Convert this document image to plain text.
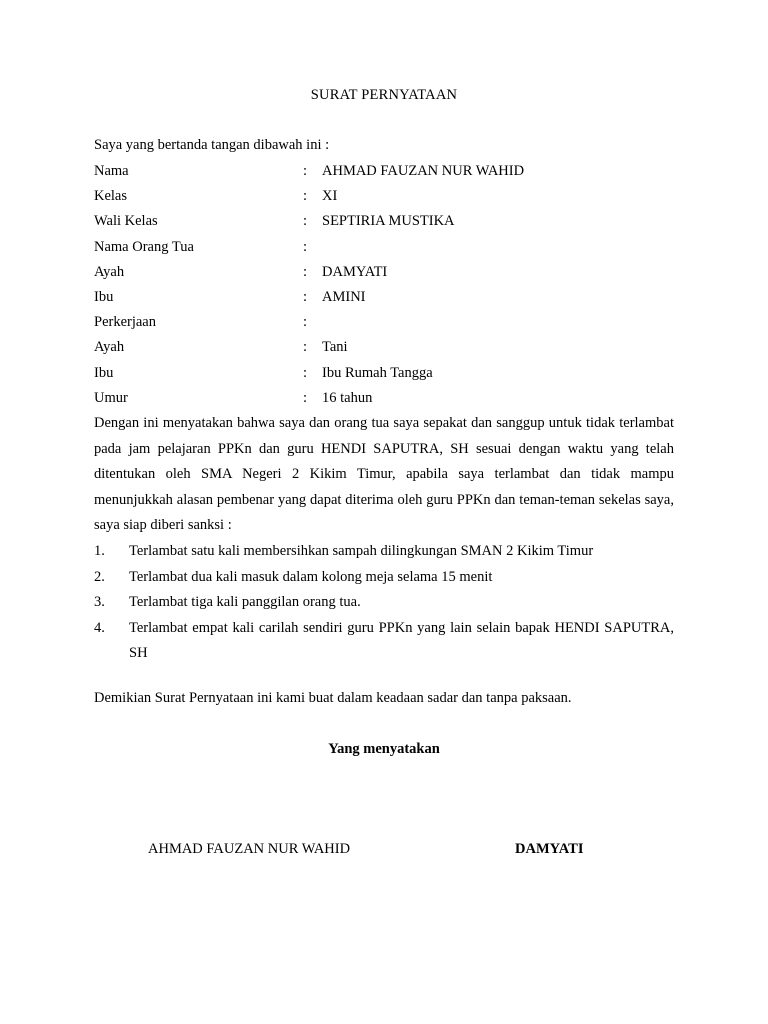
SURAT PERNYATAAN
Saya yang bertanda tangan dibawah ini :
Nama	: AHMAD FAUZAN NUR WAHID
Kelas	: XI
Wali Kelas	: SEPTIRIA MUSTIKA
Nama Orang Tua	:
Ayah	: DAMYATI
Ibu	: AMINI
Perkerjaan	:
Ayah	: Tani
Ibu	: Ibu Rumah Tangga
Umur	: 16 tahun

Dengan ini menyatakan bahwa saya dan orang tua saya sepakat dan sanggup untuk tidak terlambat pada jam pelajaran PPKn dan guru HENDI SAPUTRA, SH sesuai dengan waktu yang telah ditentukan oleh SMA Negeri 2 Kikim Timur, apabila saya terlambat dan tidak mampu menunjukkah alasan pembenar yang dapat diterima oleh guru PPKn dan teman-teman sekelas saya, saya siap diberi sanksi :

1. Terlambat satu kali membersihkan sampah dilingkungan SMAN 2 Kikim Timur
2. Terlambat dua kali masuk dalam kolong meja selama 15 menit
3. Terlambat tiga kali panggilan orang tua.
4. Terlambat empat kali carilah sendiri guru PPKn yang lain selain bapak HENDI SAPUTRA, SH
Demikian Surat Pernyataan ini kami buat dalam keadaan sadar dan tanpa paksaan.
Yang menyatakan
AHMAD FAUZAN NUR WAHID	DAMYATI
